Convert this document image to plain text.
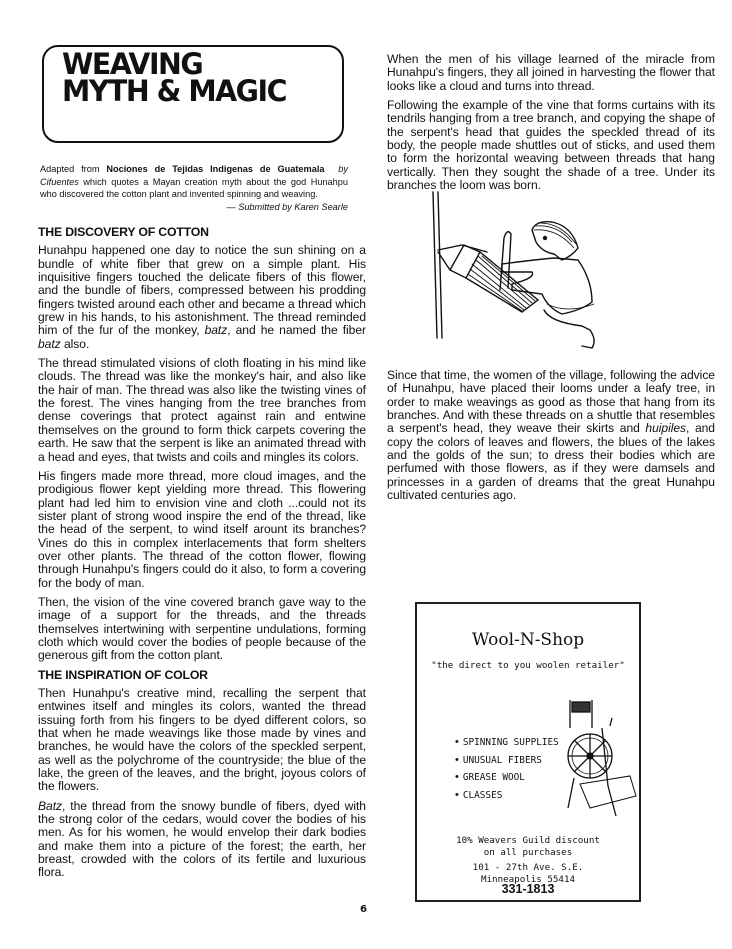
WEAVING
MYTH & MAGIC
Adapted from Nociones de Tejidas Indigenas de Guatemala by Cifuentes which quotes a Mayan creation myth about the god Hunahpu who discovered the cotton plant and invented spinning and weaving.
— Submitted by Karen Searle
THE DISCOVERY OF COTTON

Hunahpu happened one day to notice the sun shining on a bundle of white fiber that grew on a simple plant. His inquisitive fingers touched the delicate fibers of this flower, and the bundle of fibers, compressed between his prodding fingers twisted around each other and became a thread which grew in his hands, to his astonishment. The thread reminded him of the fur of the monkey, batz, and he named the fiber batz also.

The thread stimulated visions of cloth floating in his mind like clouds. The thread was like the monkey's hair, and also like the hair of man. The thread was also like the twisting vines of the forest. The vines hanging from the tree branches from dense coverings that protect against rain and entwine themselves on the ground to form thick carpets covering the earth. He saw that the serpent is like an animated thread with a head and eyes, that twists and coils and mingles its colors.

His fingers made more thread, more cloud images, and the prodigious flower kept yielding more thread. This flowering plant had led him to envision vine and cloth ...could not its sister plant of strong wood inspire the end of the thread, like the head of the serpent, to wind itself arount its branches? Vines do this in complex interlacements that form shelters over other plants. The thread of the cotton flower, flowing through Hunahpu's fingers could do it also, to form a covering for the body of man.

Then, the vision of the vine covered branch gave way to the image of a support for the threads, and the threads themselves intertwining with serpentine undulations, forming cloth which would cover the bodies of people because of the generous gift from the cotton plant.

THE INSPIRATION OF COLOR

Then Hunahpu's creative mind, recalling the serpent that entwines itself and mingles its colors, wanted the thread issuing forth from his fingers to be dyed different colors, so that when he made weavings like those made by vines and branches, he would have the colors of the speckled serpent, as well as the polychrome of the countryside; the blue of the lake, the green of the leaves, and the bright, joyous colors of the flowers.

Batz, the thread from the snowy bundle of fibers, dyed with the strong color of the cedars, would cover the bodies of his men. As for his women, he would envelop their dark bodies and make them into a picture of the forest; the earth, her breast, crowded with the colors of its fertile and luxurious flora.

When the men of his village learned of the miracle from Hunahpu's fingers, they all joined in harvesting the flower that looks like a cloud and turns into thread.

Following the example of the vine that forms curtains with its tendrils hanging from a tree branch, and copying the shape of the serpent's head that guides the speckled thread of its body, the people made shuttles out of sticks, and used them to form the horizontal weaving between threads that hang vertically. Then they sought the shade of a tree. Under its branches the loom was born.

Since that time, the women of the village, following the advice of Hunahpu, have placed their looms under a leafy tree, in order to make weavings as good as those that hang from its branches. And with these threads on a shuttle that resembles a serpent's head, they weave their skirts and huipiles, and copy the colors of leaves and flowers, the blues of the lakes and the golds of the sun; to dress their bodies which are perfumed with those flowers, as if they were damsels and princesses in a garden of dreams that the great Hunahpu cultivated centuries ago.

Wool-N-Shop
"the direct to you woolen retailer"
• SPINNING SUPPLIES
• UNUSUAL FIBERS
• GREASE WOOL
• CLASSES
10% Weavers Guild discount
on all purchases
101 - 27th Ave. S.E.
Minneapolis 55414
331-1813
6
